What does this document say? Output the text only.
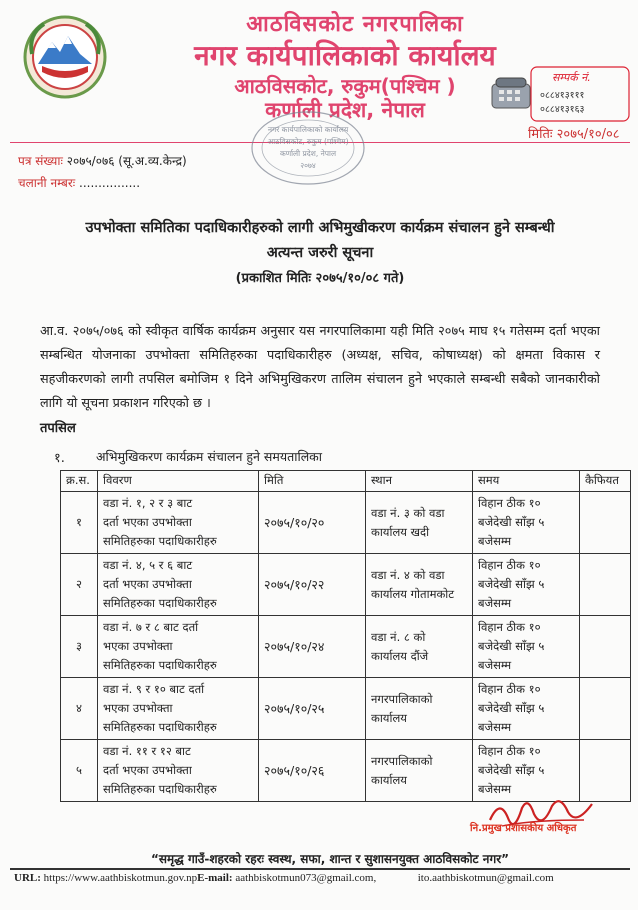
आठविसकोट नगरपालिका
नगर कार्यपालिकाको कार्यालय
आठविसकोट, रुकुम(पश्चिम )
कर्णाली प्रदेश, नेपाल
सम्पर्क नं.
०८८४१३१११
०८८४१३१६३
मितिः २०७५/१०/०८
नगर कार्यपालिकाको कार्यालय
आठविसकोट, रुकुम (पश्चिम)
कर्णाली प्रदेश, नेपाल
२०७४
पत्र संख्याः २०७५/०७६ (सू.अ.व्य.केन्द्र)
चलानी नम्बरः ................
उपभोक्ता समितिका पदाधिकारीहरुको लागी अभिमुखीकरण कार्यक्रम संचालन हुने सम्बन्धी
अत्यन्त जरुरी सूचना
(प्रकाशित मितिः २०७५/१०/०८ गते)
आ.व. २०७५/०७६ को स्वीकृत वार्षिक कार्यक्रम अनुसार यस नगरपालिकामा यही मिति २०७५ माघ १५ गतेसम्म दर्ता भएका सम्बन्धित योजनाका उपभोक्ता समितिहरुका पदाधिकारीहरु (अध्यक्ष, सचिव, कोषाध्यक्ष) को क्षमता विकास र सहजीकरणको लागी तपसिल बमोजिम १ दिने अभिमुखिकरण तालिम संचालन हुने भएकाले सम्बन्धी सबैको जानकारीको लागि यो सूचना प्रकाशन गरिएको छ ।
तपसिल
१. अभिमुखिकरण कार्यक्रम संचालन हुने समयतालिका
क्र.स.	विवरण	मिति	स्थान	समय	कैफियत
१	वडा नं. १, २ र ३ बाट
दर्ता भएका उपभोक्ता
समितिहरुका पदाधिकारीहरु	२०७५/१०/२०	वडा नं. ३ को वडा
कार्यालय खदी	विहान ठीक १०
बजेदेखी साँझ ५
बजेसम्म	

२	वडा नं. ४, ५ र ६ बाट
दर्ता भएका उपभोक्ता
समितिहरुका पदाधिकारीहरु	२०७५/१०/२२	वडा नं. ४ को वडा
कार्यालय गोतामकोट	विहान ठीक १०
बजेदेखी साँझ ५
बजेसम्म	

३	वडा नं. ७ र ८ बाट दर्ता
भएका उपभोक्ता
समितिहरुका पदाधिकारीहरु	२०७५/१०/२४	वडा नं. ८ को
कार्यालय दौंजे	विहान ठीक १०
बजेदेखी साँझ ५
बजेसम्म	

४	वडा नं. ९ र १० बाट दर्ता
भएका उपभोक्ता
समितिहरुका पदाधिकारीहरु	२०७५/१०/२५	नगरपालिकाको
कार्यालय	विहान ठीक १०
बजेदेखी साँझ ५
बजेसम्म	

५	वडा नं. ११ र १२ बाट
दर्ता भएका उपभोक्ता
समितिहरुका पदाधिकारीहरु	२०७५/१०/२६	नगरपालिकाको
कार्यालय	विहान ठीक १०
बजेदेखी साँझ ५
बजेसम्म	

नि.प्रमुख प्रशासकीय अधिकृत
“समृद्ध गाउँ-शहरको रहरः स्वस्थ, सफा, शान्त र सुशासनयुक्त आठविसकोट नगर”
URL: https://www.aathbiskotmun.gov.npE-mail: aathbiskotmun073@gmail.com,	ito.aathbiskotmun@gmail.com
